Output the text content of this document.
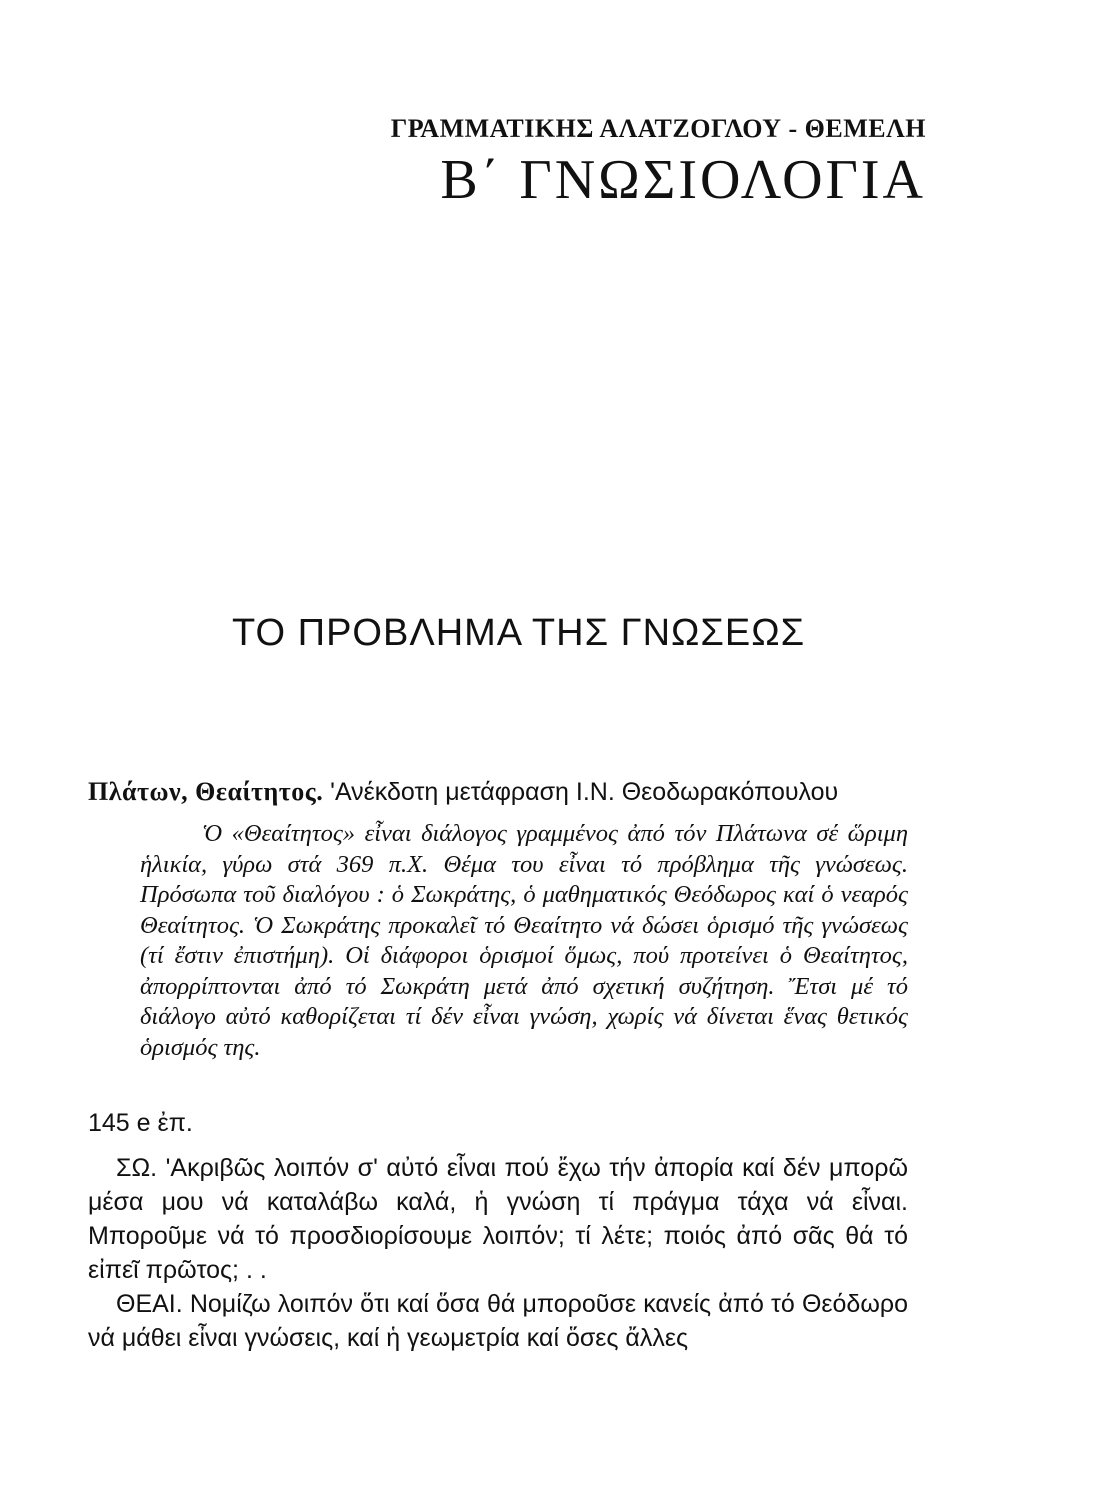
ΓΡΑΜΜΑΤΙΚΗΣ ΑΛΑΤΖΟΓΛΟΥ - ΘΕΜΕΛΗ
Β΄ ΓΝΩΣΙΟΛΟΓΙΑ
ΤΟ ΠΡΟΒΛΗΜΑ ΤΗΣ ΓΝΩΣΕΩΣ
Πλάτων, Θεαίτητος. 'Ανέκδοτη μετάφραση Ι.Ν. Θεοδωρακόπουλου

Ὁ «Θεαίτητος» εἶναι διάλογος γραμμένος ἀπό τόν Πλάτωνα σέ ὥριμη ἡλικία, γύρω στά 369 π.Χ. Θέμα του εἶναι τό πρόβλημα τῆς γνώσεως. Πρόσωπα τοῦ διαλόγου : ὁ Σωκράτης, ὁ μαθηματικός Θεόδωρος καί ὁ νεαρός Θεαίτητος. Ὁ Σωκράτης προκαλεῖ τό Θεαίτητο νά δώσει ὁρισμό τῆς γνώσεως (τί ἔστιν ἐπιστήμη). Οἱ διάφοροι ὁρισμοί ὅμως, πού προτείνει ὁ Θεαίτητος, ἀπορρίπτονται ἀπό τό Σωκράτη μετά ἀπό σχετική συζήτηση. Ἔτσι μέ τό διάλογο αὐτό καθορίζεται τί δέν εἶναι γνώση, χωρίς νά δίνεται ἕνας θετικός ὁρισμός της.

145 e ἐπ.

ΣΩ. 'Ακριβῶς λοιπόν σ' αὐτό εἶναι πού ἔχω τήν ἀπορία καί δέν μπορῶ μέσα μου νά καταλάβω καλά, ἡ γνώση τί πράγμα τάχα νά εἶναι. Μποροῦμε νά τό προσδιορίσουμε λοιπόν; τί λέτε; ποιός ἀπό σᾶς θά τό εἰπεῖ πρῶτος; . .

ΘΕΑΙ. Νομίζω λοιπόν ὅτι καί ὅσα θά μποροῦσε κανείς ἀπό τό Θεόδωρο νά μάθει εἶναι γνώσεις, καί ἡ γεωμετρία καί ὅσες ἄλλες
